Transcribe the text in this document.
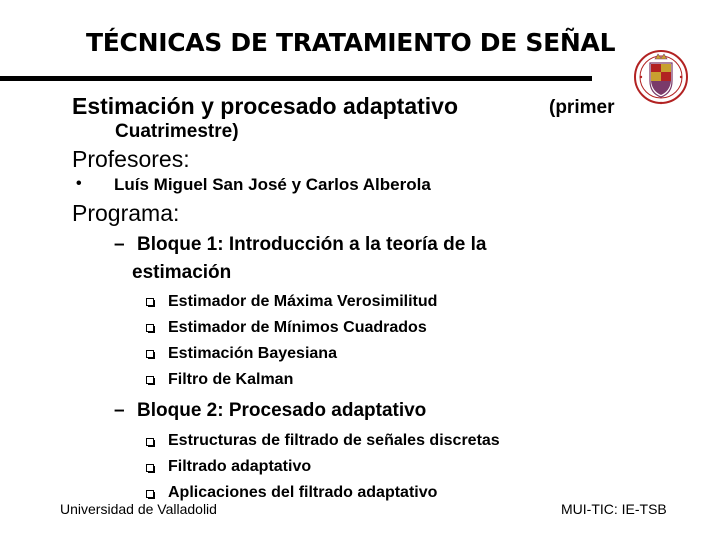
TÉCNICAS DE TRATAMIENTO DE SEÑAL
Estimación y procesado adaptativo	(primer
Cuatrimestre)
Profesores:
• Luís Miguel San José y Carlos Alberola
Programa:
– Bloque 1: Introducción a la teoría de la
estimación
Estimador de Máxima Verosimilitud
Estimador de Mínimos Cuadrados
Estimación Bayesiana
Filtro de Kalman
– Bloque 2: Procesado adaptativo
Estructuras de filtrado de señales discretas
Filtrado adaptativo
Aplicaciones del filtrado adaptativo
Universidad de Valladolid	MUI-TIC: IE-TSB
